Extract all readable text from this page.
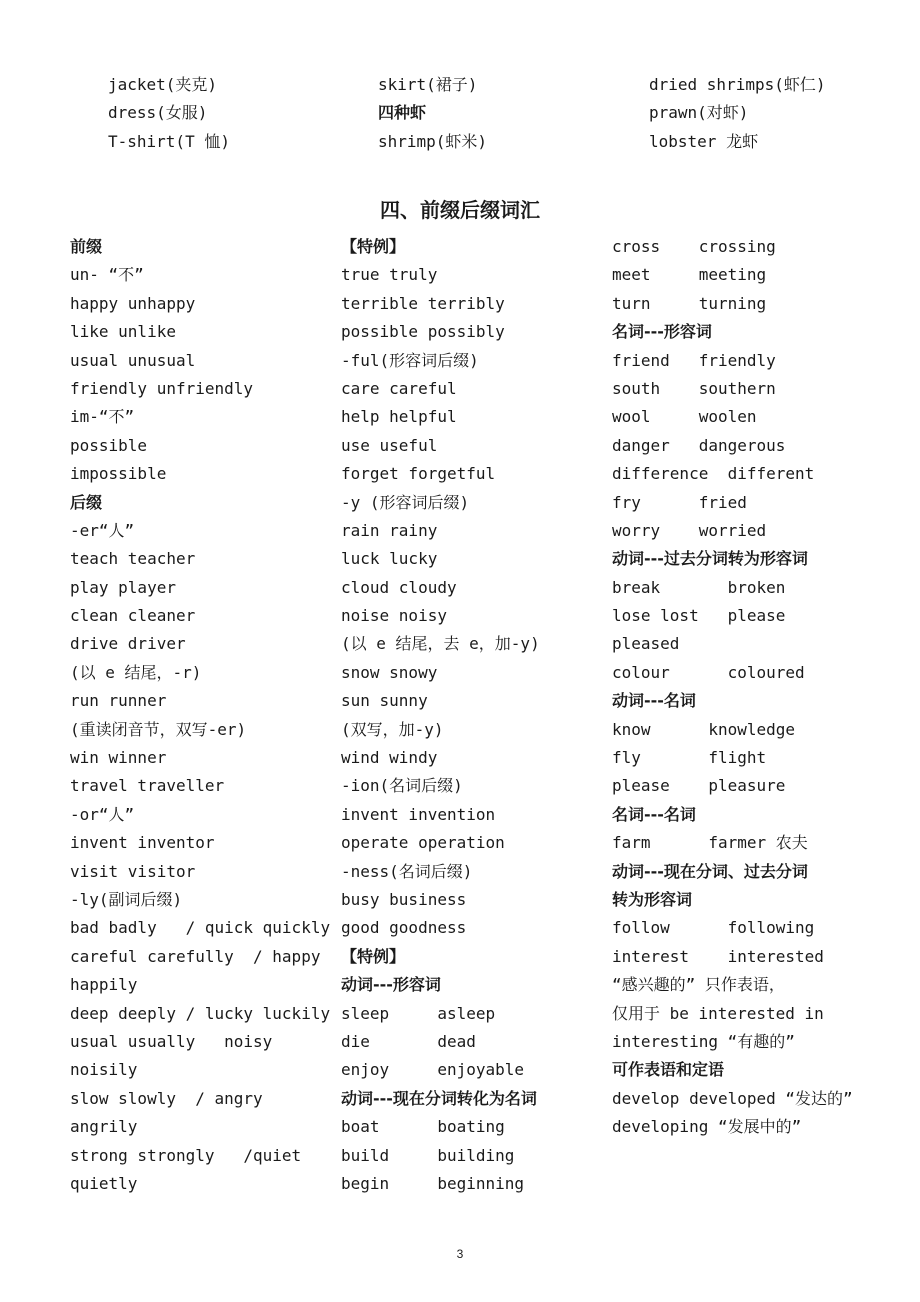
jacket(夹克)
dress(女服)
T-shirt(T 恤)
skirt(裙子)
四种虾
shrimp(虾米)
dried shrimps(虾仁)
prawn(对虾)
lobster 龙虾
四、前缀后缀词汇
前缀
un- “不”
happy unhappy
like unlike
usual unusual
friendly unfriendly
im-“不”
possible
impossible
后缀
-er“人”
teach teacher
play player
clean cleaner
drive driver
(以 e 结尾，-r)
run runner
(重读闭音节，双写-er)
win winner
travel traveller
-or“人”
invent inventor
visit visitor
-ly(副词后缀)
bad badly   / quick quickly
careful carefully  / happy
happily
deep deeply / lucky luckily
usual usually   noisy
noisily
slow slowly  / angry
angrily
strong strongly   /quiet
quietly
【特例】
true truly
terrible terribly
possible possibly
-ful(形容词后缀)
care careful
help helpful
use useful
forget forgetful
-y (形容词后缀)
rain rainy
luck lucky
cloud cloudy
noise noisy
(以 e 结尾，去 e，加-y)
snow snowy
sun sunny
(双写，加-y)
wind windy
-ion(名词后缀)
invent invention
operate operation
-ness(名词后缀)
busy business
good goodness
【特例】
动词---形容词
sleep     asleep
die       dead
enjoy     enjoyable
动词---现在分词转化为名词
boat      boating
build     building
begin     beginning
cross    crossing
meet     meeting
turn     turning
名词---形容词
friend   friendly
south    southern
wool     woolen
danger   dangerous
difference  different
fry      fried
worry    worried
动词---过去分词转为形容词
break       broken
lose lost   please
pleased
colour      coloured
动词---名词
know      knowledge
fly       flight
please    pleasure
名词---名词
farm      farmer 农夫
动词---现在分词、过去分词
转为形容词
follow      following
interest    interested
“感兴趣的” 只作表语，
仅用于 be interested in
interesting “有趣的”
可作表语和定语
develop developed “发达的”
developing “发展中的”
3
